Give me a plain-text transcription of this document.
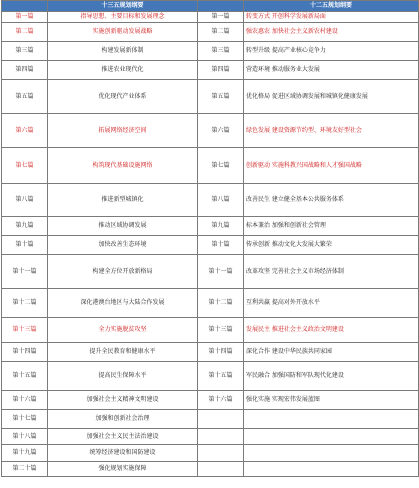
	十三五规划纲要		十二五规划纲要
第一篇	指导思想、主要目标和发展理念	第一篇	转变方式 开创科学发展新局面
第二篇	实施创新驱动发展战略	第二篇	强农惠农 加快社会主义新农村建设
第三篇	构建发展新体制	第三篇	转型升级 提高产业核心竞争力
第四篇	推进农业现代化	第四篇	营造环境 推动服务业大发展
第五篇	优化现代产业体系	第五篇	优化格局 促进区域协调发展和城镇化健康发展
第六篇	拓展网络经济空间	第六篇	绿色发展 建设资源节约型、环境友好型社会
第七篇	构筑现代基础设施网络	第七篇	创新驱动 实施科教兴国战略和人才强国战略
第八篇	推进新型城镇化	第八篇	改善民生 建立健全基本公共服务体系
第九篇	推动区域协调发展	第九篇	标本兼治 加强和创新社会管理
第十篇	加快改善生态环境	第十篇	传承创新 推动文化大发展大繁荣
第十一篇	构建全方位开放新格局	第十一篇	改革攻坚 完善社会主义市场经济体制
第十二篇	深化港澳台地区与大陆合作发展	第十二篇	互利共赢 提高对外开放水平
第十三篇	全力实施脱贫攻坚	第十三篇	发展民主 推进社会主义政治文明建设
第十四篇	提升全民教育和健康水平	第十四篇	深化合作 建设中华民族共同家园
第十五篇	提高民生保障水平	第十五篇	军民融合 加强国防和军队现代化建设
第十六篇	加强社会主义精神文明建设	第十六篇	强化实施 实现宏伟发展蓝图
第十七篇	加强和创新社会治理		
第十八篇	加强社会主义民主法治建设		
第十九篇	统筹经济建设和国防建设		
第二十篇	强化规划实施保障		
